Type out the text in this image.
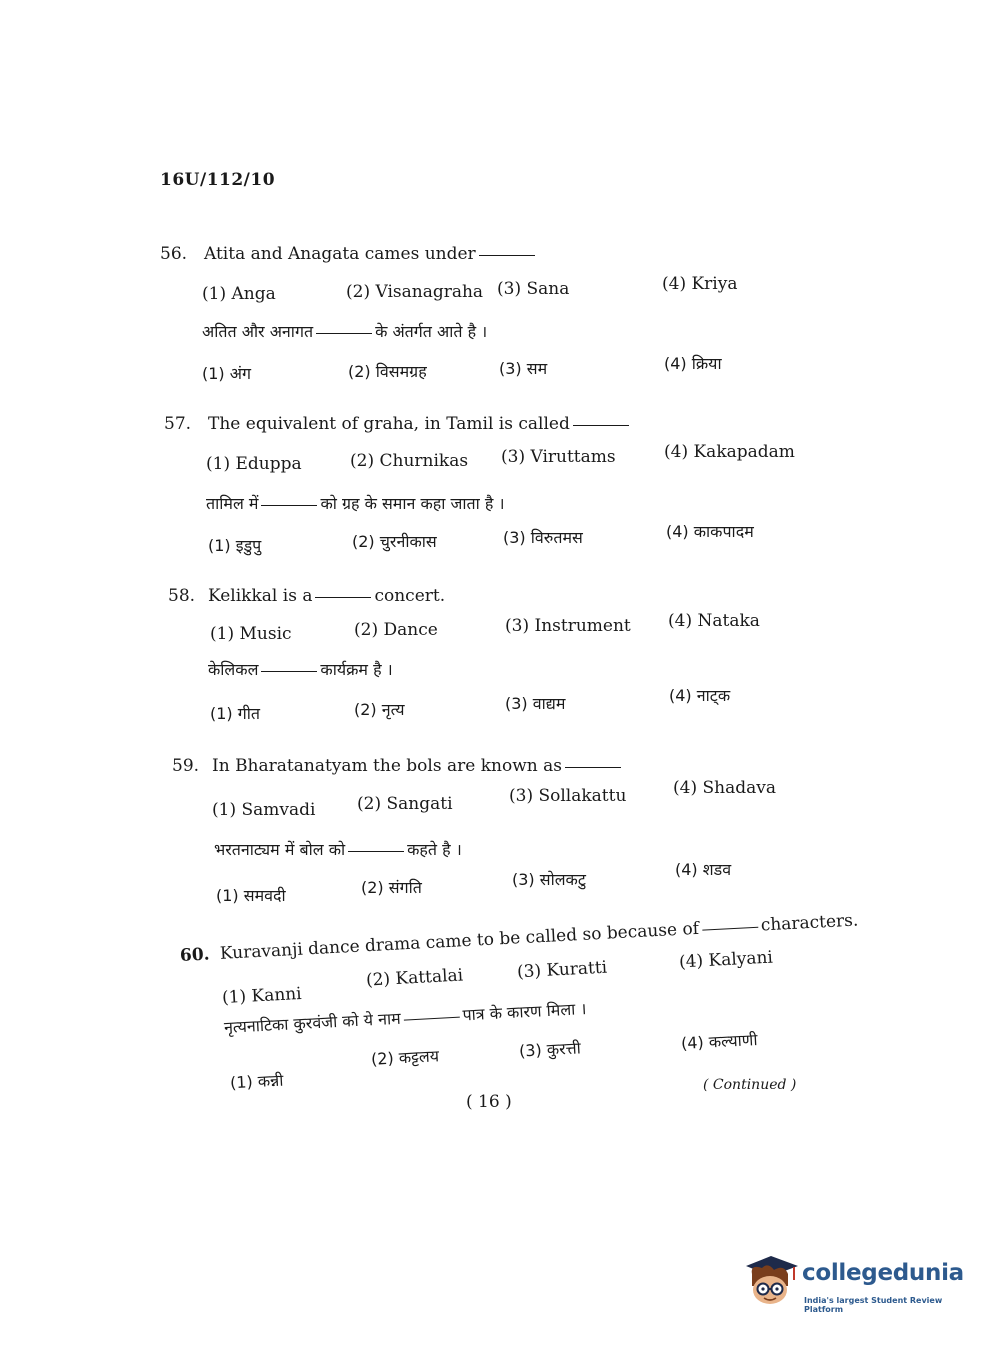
16U/112/10
56. Atita and Anagata cames under
(1) Anga	(2) Visanagraha (3) Sana	(4) Kriya
अतित और अनागत	के अंतर्गत आते है ।
(1) अंग	(2) विसमग्रह	(3) सम	(4) क्रिया
57. The equivalent of graha, in Tamil is called
(1) Eduppa	(2) Churnikas (3) Viruttams	(4) Kakapadam
तामिल में	को ग्रह के समान कहा जाता है ।
(1) इडुपु	(2) चुरनीकास	(3) विरुतमस	(4) काकपादम
58. Kelikkal is a	concert.
(1) Music	(2) Dance	(3) Instrument (4) Nataka
केलिकल	कार्यक्रम है ।
(1) गीत	(2) नृत्य	(3) वाद्यम	(4) नाट्क
59. In Bharatanatyam the bols are known as
(1) Samvadi (2) Sangati	(3) Sollakattu	(4) Shadava
भरतनाट्यम में बोल को	कहते है ।
(1) समवदी	(2) संगति	(3) सोलकटु
(4) शडव
60. Kuravanji dance drama came to be called so because of	characters.
(1) Kanni
(2) Kattalai	(3) Kuratti	(4) Kalyani
नृत्यनाटिका कुरवंजी को ये नाम	पात्र के कारण मिला ।
(1) कन्नी
(2) कट्टलय	(3) कुरत्ती	(4) कल्याणी
( Continued )
( 16 )
collegedunia
India's largest Student Review Platform
